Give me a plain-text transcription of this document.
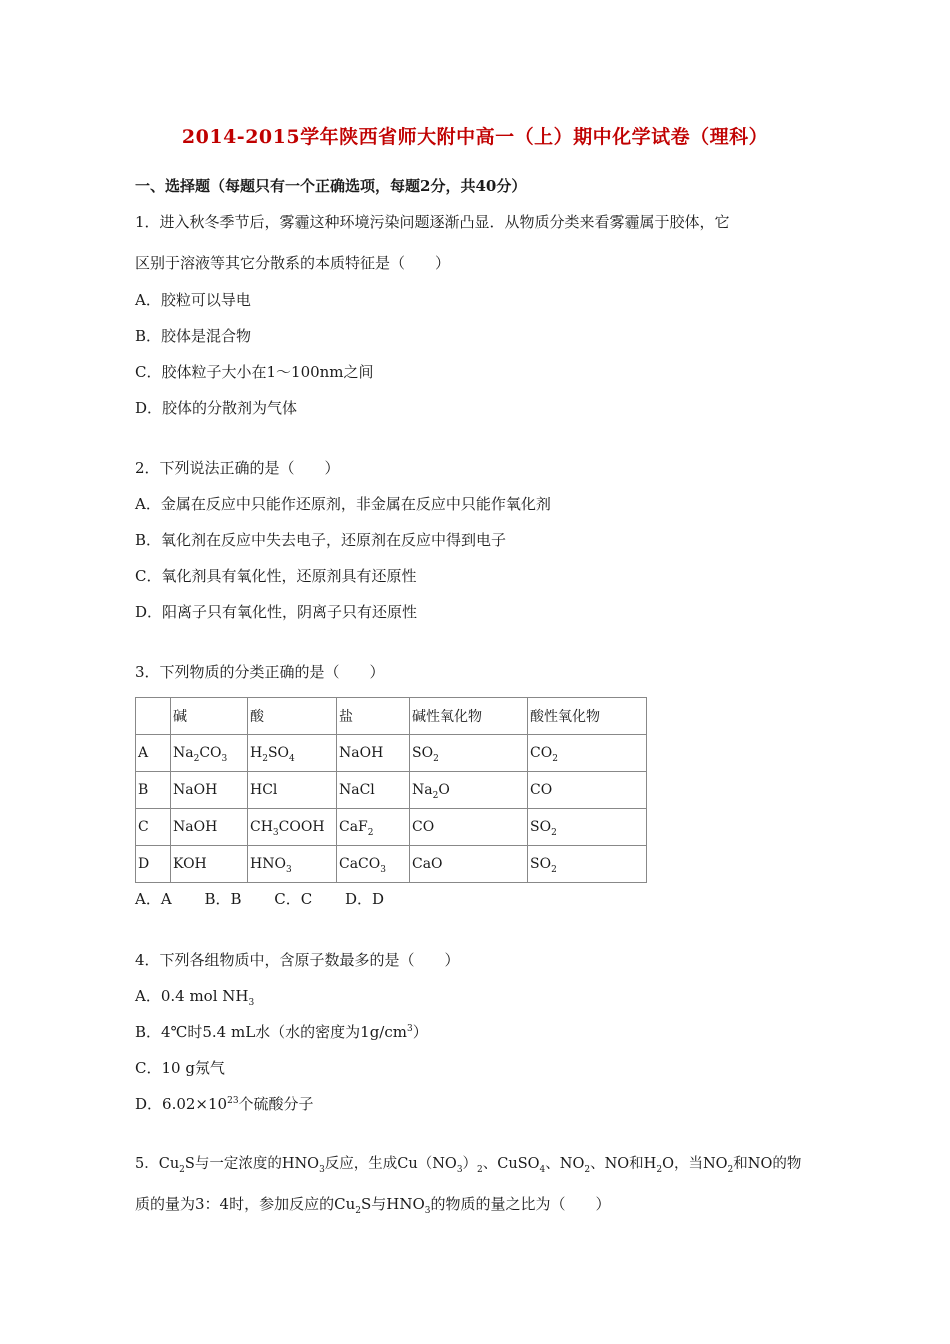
2014-2015学年陕西省师大附中高一（上）期中化学试卷（理科）
一、选择题（每题只有一个正确选项，每题2分，共40分）
1．进入秋冬季节后，雾霾这种环境污染问题逐渐凸显．从物质分类来看雾霾属于胶体，它
区别于溶液等其它分散系的本质特征是（　　）
A．胶粒可以导电
B．胶体是混合物
C．胶体粒子大小在1～100nm之间
D．胶体的分散剂为气体
2．下列说法正确的是（　　）
A．金属在反应中只能作还原剂，非金属在反应中只能作氧化剂
B．氧化剂在反应中失去电子，还原剂在反应中得到电子
C．氧化剂具有氧化性，还原剂具有还原性
D．阳离子只有氧化性，阴离子只有还原性
3．下列物质的分类正确的是（　　）
	碱	酸	盐	碱性氧化物	酸性氧化物
A	$Na_2CO_3$	$H_2SO_4$	NaOH	$SO_2$	$CO_2$
B	NaOH	HCl	NaCl	$Na_2O$	CO
C	NaOH	$CH_3COOH$	CaF$_2$	CO	$SO_2$
D	KOH	$HNO_3$	CaCO$_3$	CaO	$SO_2$
A．A B．B C．C D．D
4．下列各组物质中，含原子数最多的是（　　）
A．0.4 mol $NH_3$
B．4℃时5.4 mL水（水的密度为$1g/cm^3$）
C．10 g氖气
D．$6.02\times 10^{23}$个硫酸分子
5．$Cu_2S$与一定浓度的$HNO_3$反应，生成$Cu(NO_3)_2$、CuSO$_4$、$NO_2$、NO和$H_2O$，当$NO_2$和NO的物
质的量为3：4时，参加反应的$Cu_2S$与$HNO_3$的物质的量之比为（　　）
